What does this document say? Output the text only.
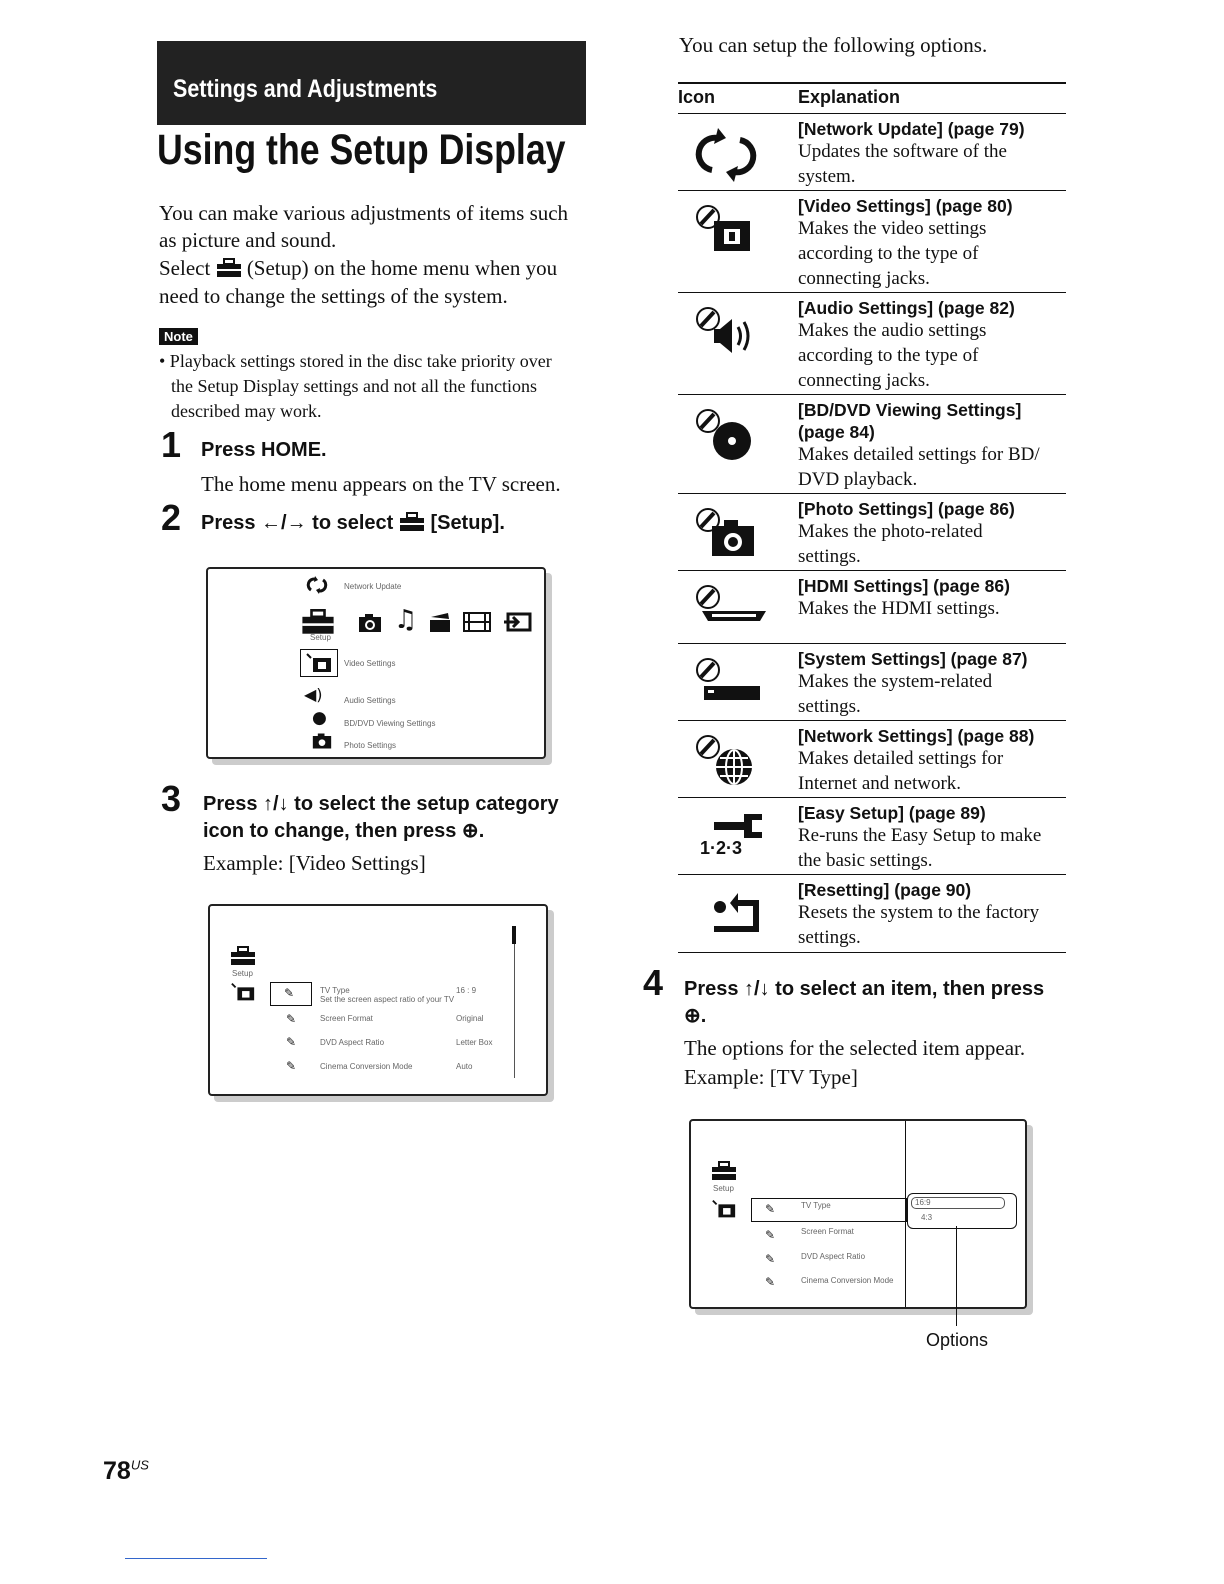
Settings and Adjustments
Using the Setup Display
You can make various adjustments of items such
as picture and sound.
Select (Setup) on the home menu when you
need to change the settings of the system.
Note
• Playback settings stored in the disc take priority over
the Setup Display settings and not all the functions
described may work.
1 Press HOME.
The home menu appears on the TV screen.
2 Press ←/→ to select [Setup].
Network Update
Setup
♫
Video Settings
◀)	Audio Settings
● BD/DVD Viewing Settings
Photo Settings
3 Press ↑/↓ to select the setup category
icon to change, then press ⊕.
Example: [Video Settings]
Setup
✎	TV Type
Set the screen aspect ratio of your TV
16 : 9
✎	Screen Format	Original
✎	DVD Aspect Ratio	Letter Box
✎	Cinema Conversion Mode	Auto
You can setup the following options.
Icon	Explanation
[Network Update] (page 79)
Updates the software of the
system.
[Video Settings] (page 80)
Makes the video settings
according to the type of
connecting jacks.
[Audio Settings] (page 82)
Makes the audio settings
according to the type of
connecting jacks.
[BD/DVD Viewing Settings]
(page 84)
Makes detailed settings for BD/
DVD playback.
[Photo Settings] (page 86)
Makes the photo-related
settings.
[HDMI Settings] (page 86)
Makes the HDMI settings.
[System Settings] (page 87)
Makes the system-related
settings.
[Network Settings] (page 88)
Makes detailed settings for
Internet and network.
1·2·3
[Easy Setup] (page 89)
Re-runs the Easy Setup to make
the basic settings.
[Resetting] (page 90)
Resets the system to the factory
settings.
4 Press ↑/↓ to select an item, then press
⊕.
The options for the selected item appear.
Example: [TV Type]
Setup
✎	TV Type
✎	Screen Format
✎	DVD Aspect Ratio
✎	Cinema Conversion Mode
16:9
4:3
Options
$78^{US}$
